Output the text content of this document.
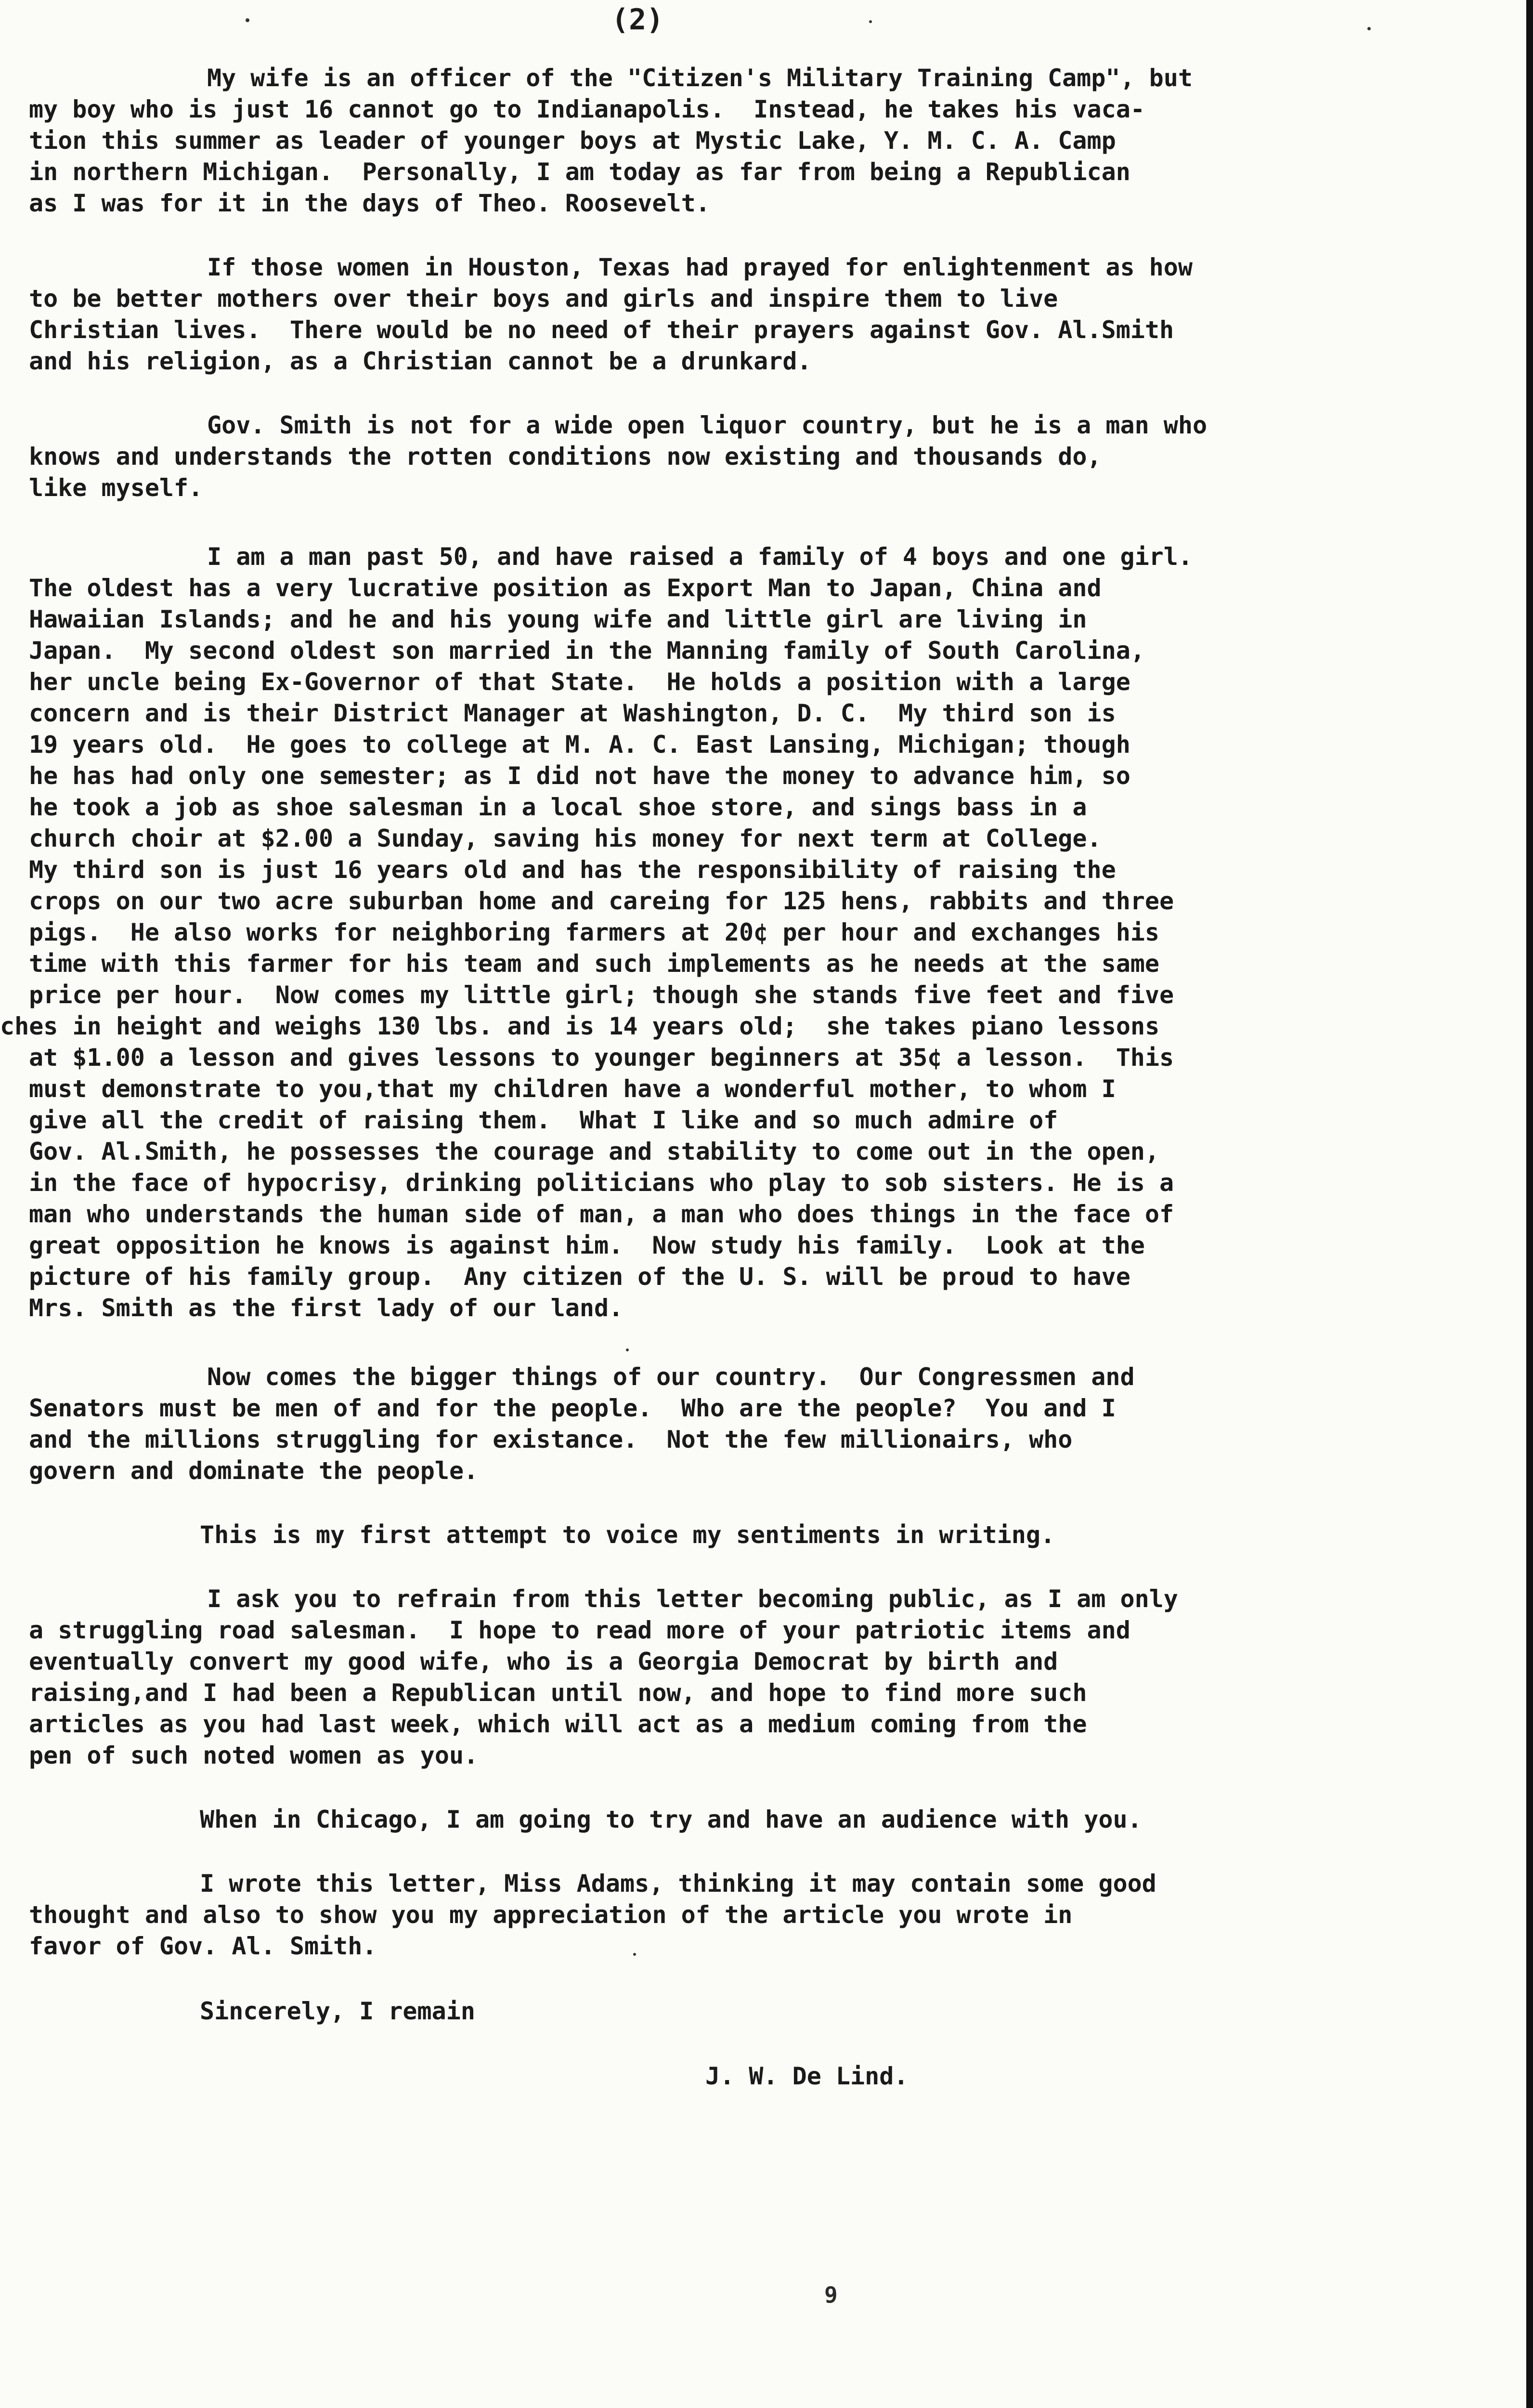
(2)
My wife is an officer of the "Citizen's Military Training Camp", but
my boy who is just 16 cannot go to Indianapolis.  Instead, he takes his vaca-
tion this summer as leader of younger boys at Mystic Lake, Y. M. C. A. Camp
in northern Michigan.  Personally, I am today as far from being a Republican
as I was for it in the days of Theo. Roosevelt.
If those women in Houston, Texas had prayed for enlightenment as how
to be better mothers over their boys and girls and inspire them to live
Christian lives.  There would be no need of their prayers against Gov. Al.Smith
and his religion, as a Christian cannot be a drunkard.
Gov. Smith is not for a wide open liquor country, but he is a man who
knows and understands the rotten conditions now existing and thousands do,
like myself.
I am a man past 50, and have raised a family of 4 boys and one girl.
The oldest has a very lucrative position as Export Man to Japan, China and
Hawaiian Islands; and he and his young wife and little girl are living in
Japan.  My second oldest son married in the Manning family of South Carolina,
her uncle being Ex-Governor of that State.  He holds a position with a large
concern and is their District Manager at Washington, D. C.  My third son is
19 years old.  He goes to college at M. A. C. East Lansing, Michigan; though
he has had only one semester; as I did not have the money to advance him, so
he took a job as shoe salesman in a local shoe store, and sings bass in a
church choir at $2.00 a Sunday, saving his money for next term at College.
My third son is just 16 years old and has the responsibility of raising the
crops on our two acre suburban home and careing for 125 hens, rabbits and three
pigs.  He also works for neighboring farmers at 20¢ per hour and exchanges his
time with this farmer for his team and such implements as he needs at the same
price per hour.  Now comes my little girl; though she stands five feet and five
ches in height and weighs 130 lbs. and is 14 years old;  she takes piano lessons
at $1.00 a lesson and gives lessons to younger beginners at 35¢ a lesson.  This
must demonstrate to you,that my children have a wonderful mother, to whom I
give all the credit of raising them.  What I like and so much admire of
Gov. Al.Smith, he possesses the courage and stability to come out in the open,
in the face of hypocrisy, drinking politicians who play to sob sisters. He is a
man who understands the human side of man, a man who does things in the face of
great opposition he knows is against him.  Now study his family.  Look at the
picture of his family group.  Any citizen of the U. S. will be proud to have
Mrs. Smith as the first lady of our land.
Now comes the bigger things of our country.  Our Congressmen and
Senators must be men of and for the people.  Who are the people?  You and I
and the millions struggling for existance.  Not the few millionairs, who
govern and dominate the people.
This is my first attempt to voice my sentiments in writing.
I ask you to refrain from this letter becoming public, as I am only
a struggling road salesman.  I hope to read more of your patriotic items and
eventually convert my good wife, who is a Georgia Democrat by birth and
raising,and I had been a Republican until now, and hope to find more such
articles as you had last week, which will act as a medium coming from the
pen of such noted women as you.
When in Chicago, I am going to try and have an audience with you.
I wrote this letter, Miss Adams, thinking it may contain some good
thought and also to show you my appreciation of the article you wrote in
favor of Gov. Al. Smith.
Sincerely, I remain
J. W. De Lind.
9
